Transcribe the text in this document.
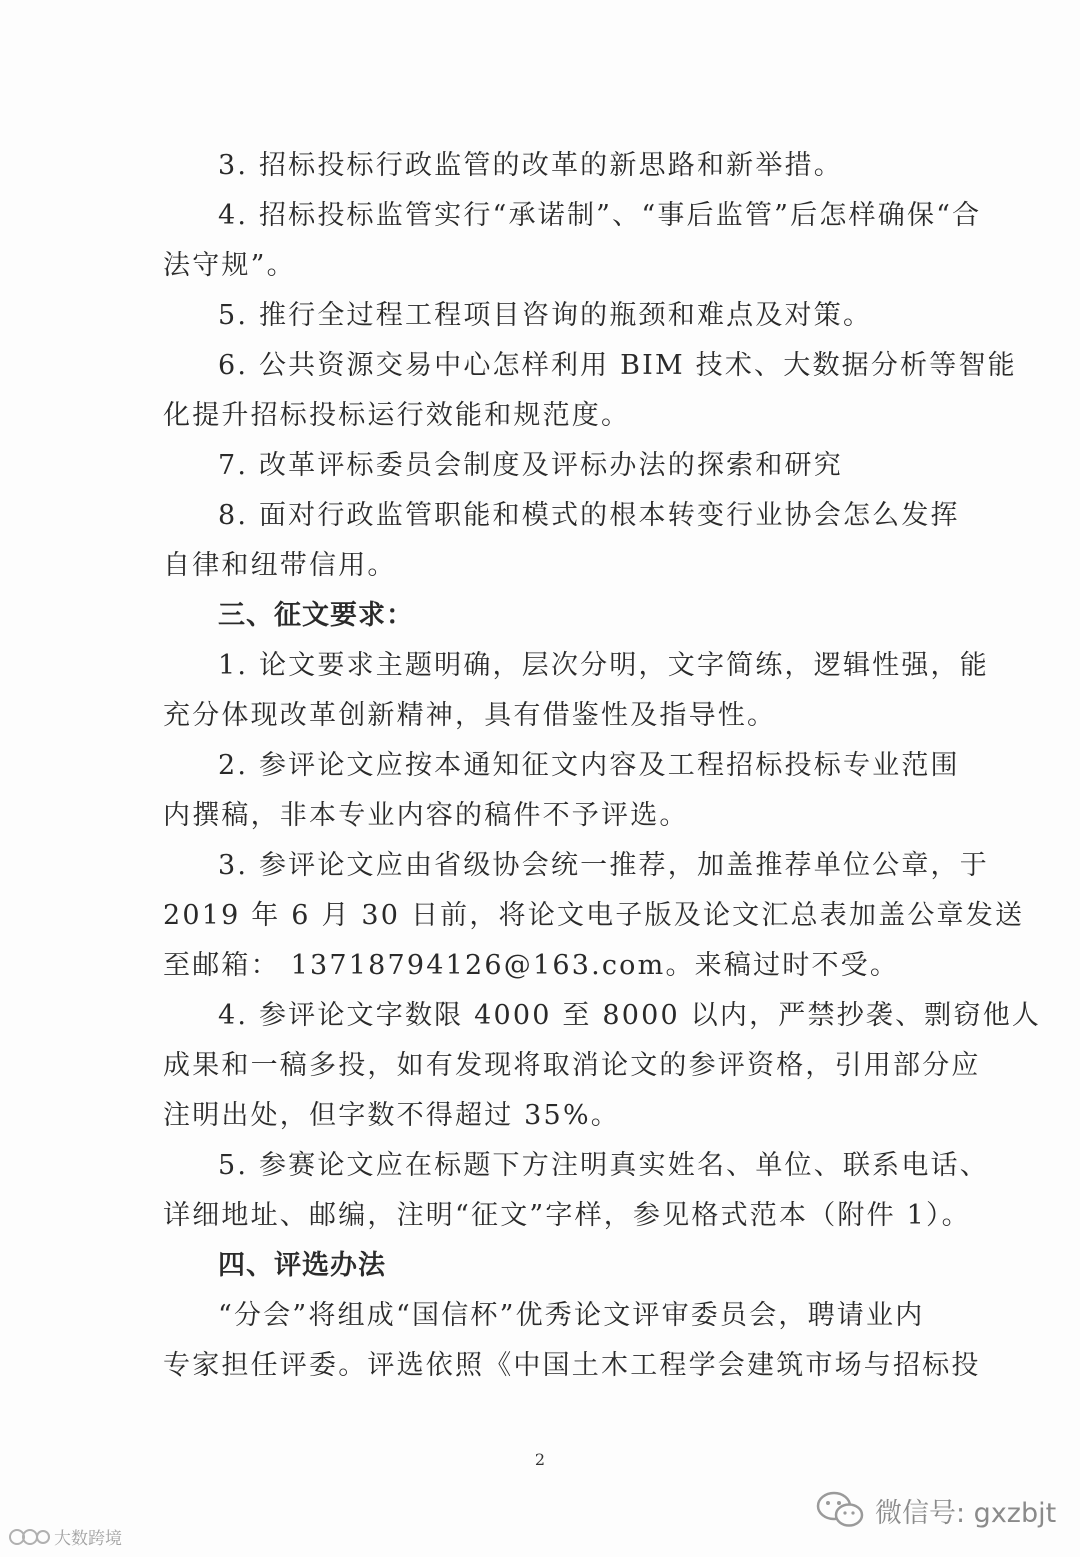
3. 招标投标行政监管的改革的新思路和新举措。
4. 招标投标监管实行“承诺制”、“事后监管”后怎样确保“合
法守规”。
5. 推行全过程工程项目咨询的瓶颈和难点及对策。
6. 公共资源交易中心怎样利用 BIM 技术、大数据分析等智能
化提升招标投标运行效能和规范度。
7. 改革评标委员会制度及评标办法的探索和研究
8. 面对行政监管职能和模式的根本转变行业协会怎么发挥
自律和纽带信用。
三、征文要求：
1. 论文要求主题明确，层次分明，文字简练，逻辑性强，能
充分体现改革创新精神，具有借鉴性及指导性。
2. 参评论文应按本通知征文内容及工程招标投标专业范围
内撰稿，非本专业内容的稿件不予评选。
3. 参评论文应由省级协会统一推荐，加盖推荐单位公章，于
2019 年 6 月 30 日前，将论文电子版及论文汇总表加盖公章发送
至邮箱： 13718794126@163.com。来稿过时不受。
4. 参评论文字数限 4000 至 8000 以内，严禁抄袭、剽窃他人
成果和一稿多投，如有发现将取消论文的参评资格，引用部分应
注明出处，但字数不得超过 35%。
5. 参赛论文应在标题下方注明真实姓名、单位、联系电话、
详细地址、邮编，注明“征文”字样，参见格式范本（附件 1）。
四、评选办法
“分会”将组成“国信杯”优秀论文评审委员会，聘请业内
专家担任评委。评选依照《中国土木工程学会建筑市场与招标投
2
微信号: gxzbjt
大数跨境
